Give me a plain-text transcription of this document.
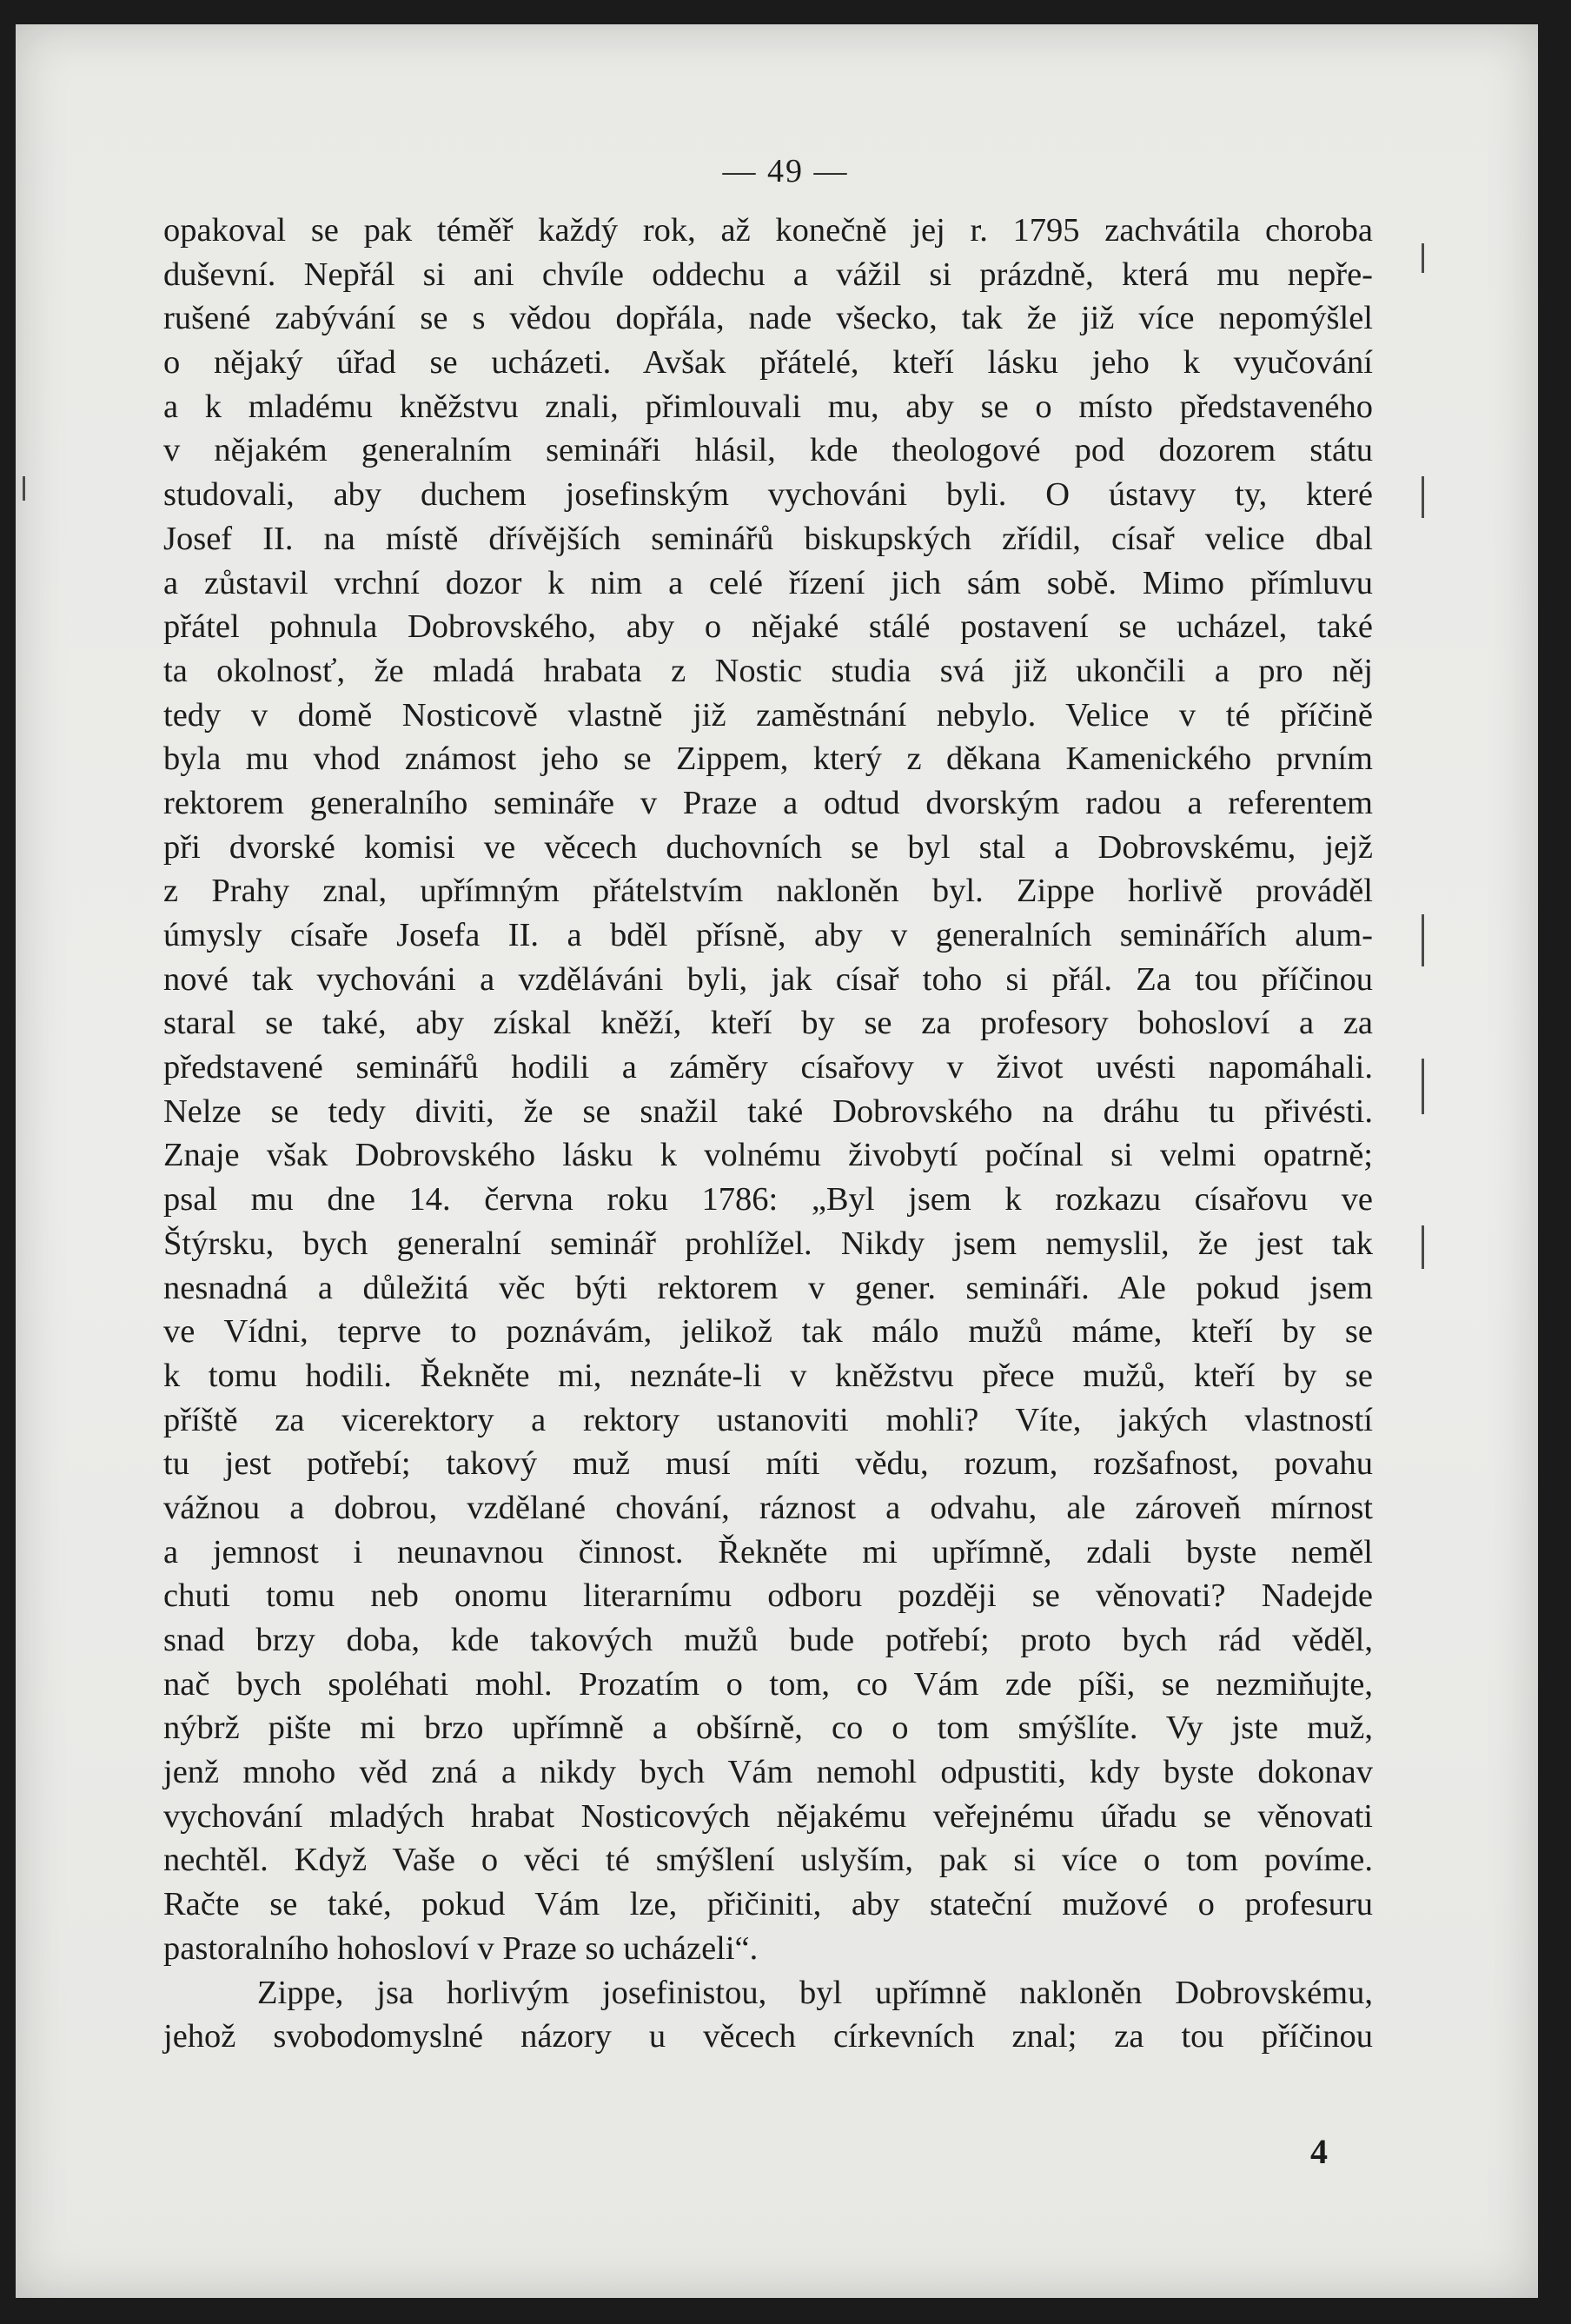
— 49 —
opakoval se pak téměř každý rok, až konečně jej r. 1795 zachvátila choroba
duševní. Nepřál si ani chvíle oddechu a vážil si prázdně, která mu nepře-
rušené zabývání se s vědou dopřála, nade všecko, tak že již více nepomýšlel
o nějaký úřad se ucházeti. Avšak přátelé, kteří lásku jeho k vyučování
a k mladému kněžstvu znali, přimlouvali mu, aby se o místo představeného
v nějakém generalním semináři hlásil, kde theologové pod dozorem státu
studovali, aby duchem josefinským vychováni byli. O ústavy ty, které
Josef II. na místě dřívějších seminářů biskupských zřídil, císař velice dbal
a zůstavil vrchní dozor k nim a celé řízení jich sám sobě. Mimo přímluvu
přátel pohnula Dobrovského, aby o nějaké stálé postavení se ucházel, také
ta okolnosť, že mladá hrabata z Nostic studia svá již ukončili a pro něj
tedy v domě Nosticově vlastně již zaměstnání nebylo. Velice v té příčině
byla mu vhod známost jeho se Zippem, který z děkana Kamenického prvním
rektorem generalního semináře v Praze a odtud dvorským radou a referentem
při dvorské komisi ve věcech duchovních se byl stal a Dobrovskému, jejž
z Prahy znal, upřímným přátelstvím nakloněn byl. Zippe horlivě prováděl
úmysly císaře Josefa II. a bděl přísně, aby v generalních seminářích alum-
nové tak vychováni a vzděláváni byli, jak císař toho si přál. Za tou příčinou
staral se také, aby získal kněží, kteří by se za profesory bohosloví a za
představené seminářů hodili a záměry císařovy v život uvésti napomáhali.
Nelze se tedy diviti, že se snažil také Dobrovského na dráhu tu přivésti.
Znaje však Dobrovského lásku k volnému živobytí počínal si velmi opatrně;
psal mu dne 14. června roku 1786: „Byl jsem k rozkazu císařovu ve
Štýrsku, bych generalní seminář prohlížel. Nikdy jsem nemyslil, že jest tak
nesnadná a důležitá věc býti rektorem v gener. semináři. Ale pokud jsem
ve Vídni, teprve to poznávám, jelikož tak málo mužů máme, kteří by se
k tomu hodili. Řekněte mi, neznáte-li v kněžstvu přece mužů, kteří by se
příště za vicerektory a rektory ustanoviti mohli? Víte, jakých vlastností
tu jest potřebí; takový muž musí míti vědu, rozum, rozšafnost, povahu
vážnou a dobrou, vzdělané chování, ráznost a odvahu, ale zároveň mírnost
a jemnost i neunavnou činnost. Řekněte mi upřímně, zdali byste neměl
chuti tomu neb onomu literarnímu odboru později se věnovati? Nadejde
snad brzy doba, kde takových mužů bude potřebí; proto bych rád věděl,
nač bych spoléhati mohl. Prozatím o tom, co Vám zde píši, se nezmiňujte,
nýbrž pište mi brzo upřímně a obšírně, co o tom smýšlíte. Vy jste muž,
jenž mnoho věd zná a nikdy bych Vám nemohl odpustiti, kdy byste dokonav
vychování mladých hrabat Nosticových nějakému veřejnému úřadu se věnovati
nechtěl. Když Vaše o věci té smýšlení uslyším, pak si více o tom povíme.
Račte se také, pokud Vám lze, přičiniti, aby stateční mužové o profesuru
pastoralního hohosloví v Praze so ucházeli“.
Zippe, jsa horlivým josefinistou, byl upřímně nakloněn Dobrovskému,
jehož svobodomyslné názory u věcech církevních znal; za tou příčinou
4
